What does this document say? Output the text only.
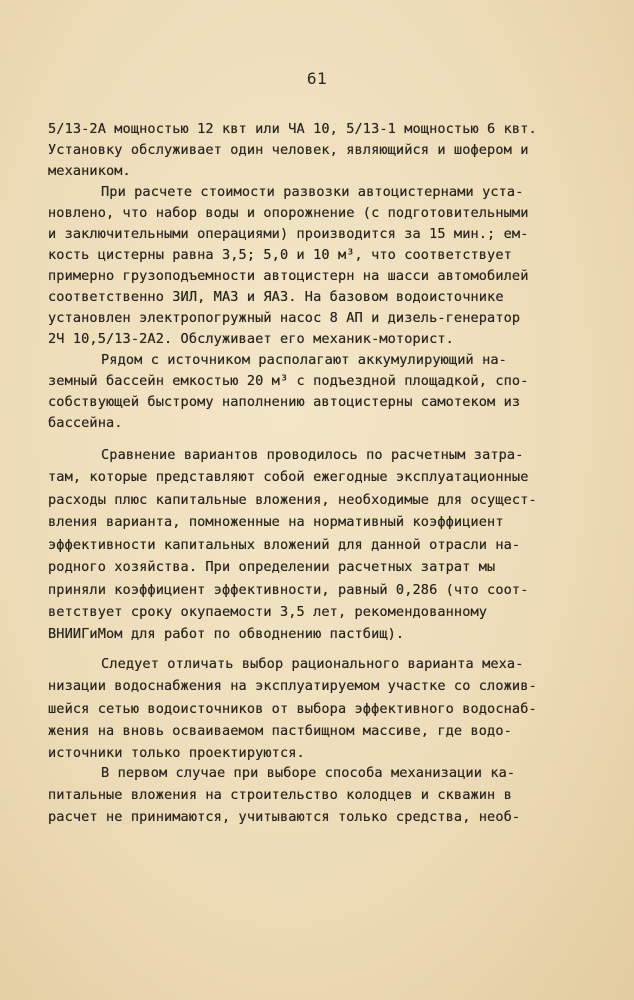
61
5/13-2А мощностью 12 квт или ЧА 10, 5/13-1 мощностью 6 квт.
Установку обслуживает один человек, являющийся и шофером и
механиком.
При расчете стоимости развозки автоцистернами уста-
новлено, что набор воды и опорожнение (с подготовительными
и заключительными операциями) производится за 15 мин.; ем-
кость цистерны равна 3,5; 5,0 и 10 м³, что соответствует
примерно грузоподъемности автоцистерн на шасси автомобилей
соответственно ЗИЛ, МАЗ и ЯАЗ. На базовом водоисточнике
установлен электропогружный насос 8 АП и дизель-генератор
2Ч 10,5/13-2А2. Обслуживает его механик-моторист.
Рядом с источником располагают аккумулирующий на-
земный бассейн емкостью 20 м³ с подъездной площадкой, спо-
собствующей быстрому наполнению автоцистерны самотеком из
бассейна.
Сравнение вариантов проводилось по расчетным затра-
там, которые представляют собой ежегодные эксплуатационные
расходы плюс капитальные вложения, необходимые для осущест-
вления варианта, помноженные на нормативный коэффициент
эффективности капитальных вложений для данной отрасли на-
родного хозяйства. При определении расчетных затрат мы
приняли коэффициент эффективности, равный 0,286 (что соот-
ветствует сроку окупаемости 3,5 лет, рекомендованному
ВНИИГиМом для работ по обводнению пастбищ).
Следует отличать выбор рационального варианта меха-
низации водоснабжения на эксплуатируемом участке со сложив-
шейся сетью водоисточников от выбора эффективного водоснаб-
жения на вновь осваиваемом пастбищном массиве, где водо-
источники только проектируются.
В первом случае при выборе способа механизации ка-
питальные вложения на строительство колодцев и скважин в
расчет не принимаются, учитываются только средства, необ-
